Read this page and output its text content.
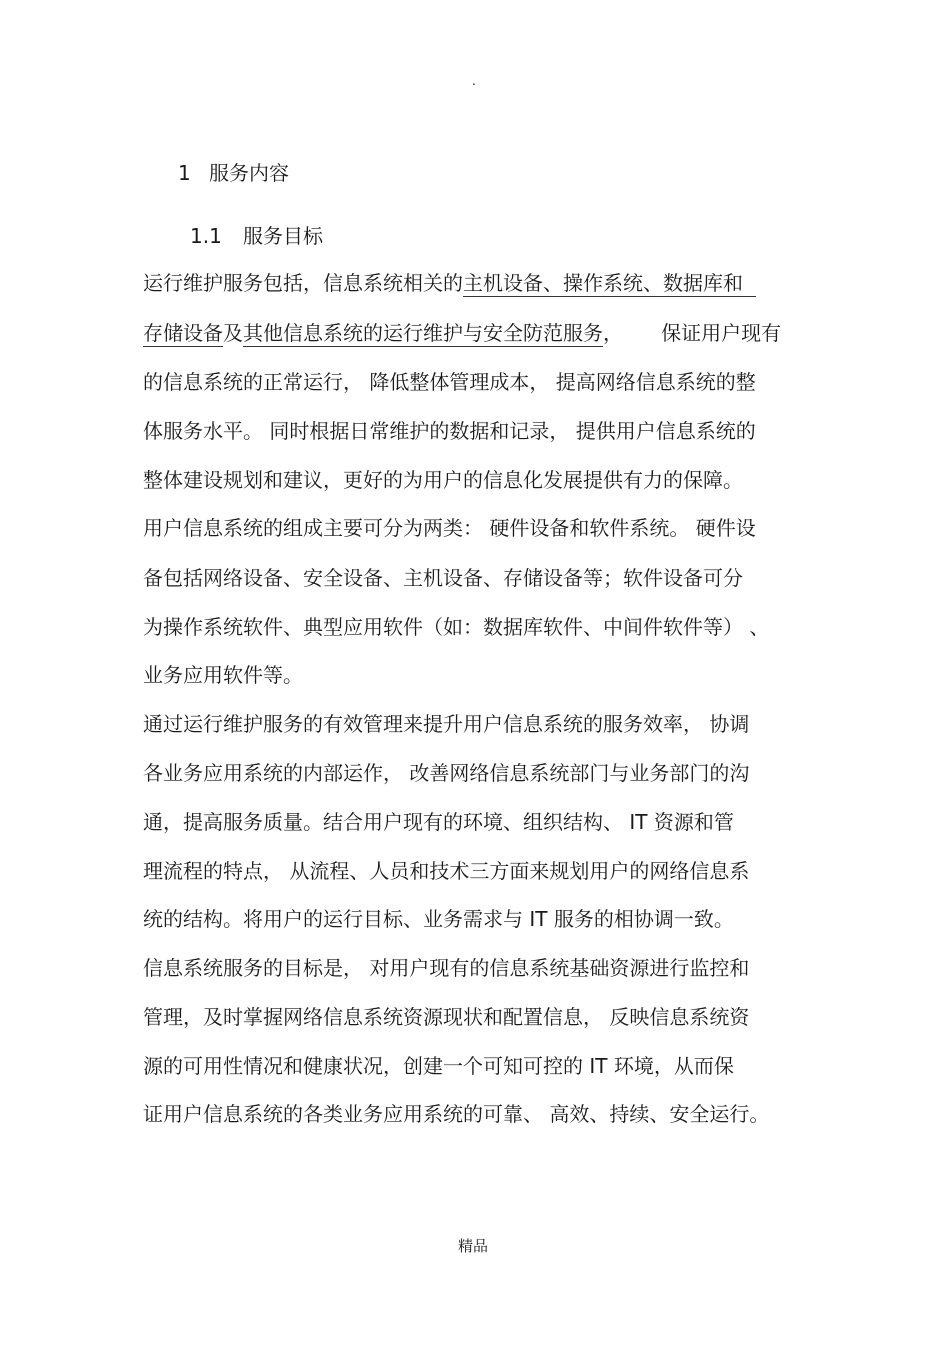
.
1 服务内容
1.1 服务目标
运行维护服务包括，信息系统相关的主机设备、操作系统、数据库和
存储设备及其他信息系统的运行维护与安全防范服务，      保证用户现有
的信息系统的正常运行， 降低整体管理成本， 提高网络信息系统的整
体服务水平。 同时根据日常维护的数据和记录， 提供用户信息系统的
整体建设规划和建议，更好的为用户的信息化发展提供有力的保障。
用户信息系统的组成主要可分为两类： 硬件设备和软件系统。 硬件设
备包括网络设备、安全设备、主机设备、存储设备等；软件设备可分
为操作系统软件、典型应用软件（如：数据库软件、中间件软件等） 、
业务应用软件等。
通过运行维护服务的有效管理来提升用户信息系统的服务效率， 协调
各业务应用系统的内部运作， 改善网络信息系统部门与业务部门的沟
通，提高服务质量。结合用户现有的环境、组织结构、 IT 资源和管
理流程的特点， 从流程、人员和技术三方面来规划用户的网络信息系
统的结构。将用户的运行目标、业务需求与 IT 服务的相协调一致。
信息系统服务的目标是， 对用户现有的信息系统基础资源进行监控和
管理，及时掌握网络信息系统资源现状和配置信息， 反映信息系统资
源的可用性情况和健康状况，创建一个可知可控的 IT 环境，从而保
证用户信息系统的各类业务应用系统的可靠、 高效、持续、安全运行。
精品
